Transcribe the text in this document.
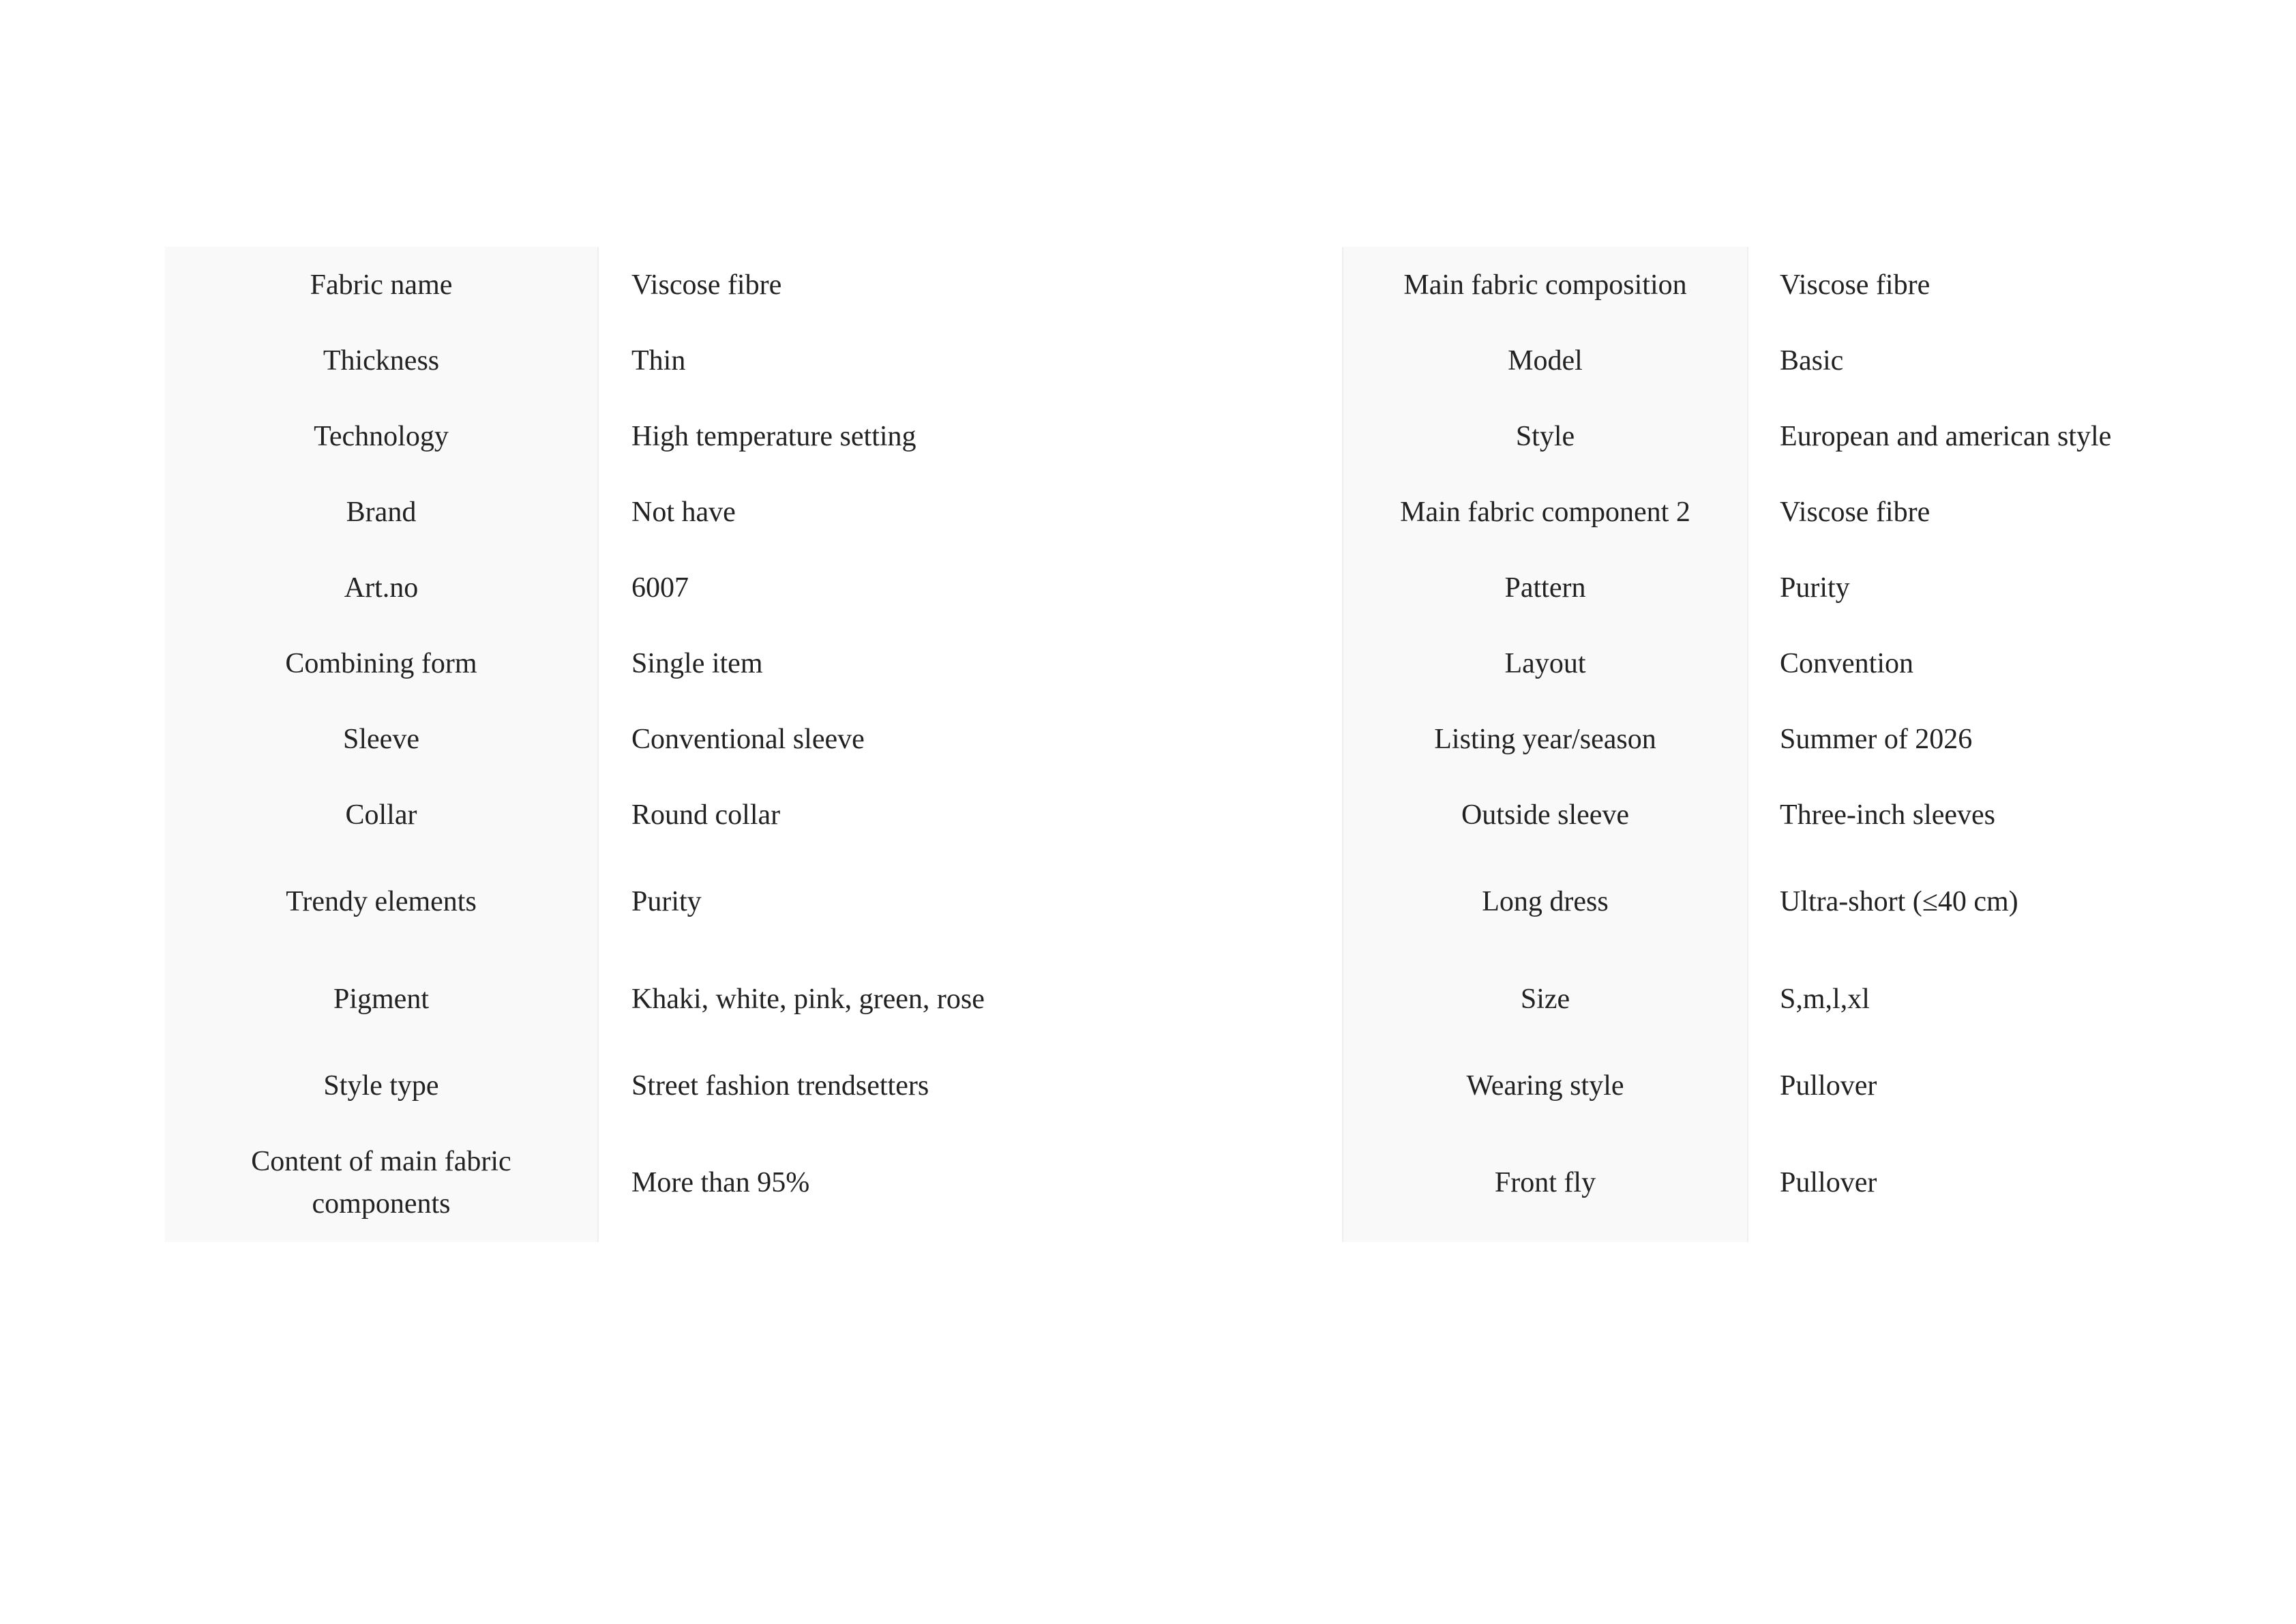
Fabric name	Viscose fibre	Main fabric composition	Viscose fibre
Thickness	Thin	Model	Basic
Technology	High temperature setting	Style	European and american style
Brand	Not have	Main fabric component 2	Viscose fibre
Art.no	6007	Pattern	Purity
Combining form	Single item	Layout	Convention
Sleeve	Conventional sleeve	Listing year/season	Summer of 2026
Collar	Round collar	Outside sleeve	Three-inch sleeves
Trendy elements	Purity	Long dress	Ultra-short (≤40 cm)
Pigment	Khaki, white, pink, green, rose	Size	S,m,l,xl
Style type	Street fashion trendsetters	Wearing style	Pullover
Content of main fabric components	More than 95%	Front fly	Pullover
